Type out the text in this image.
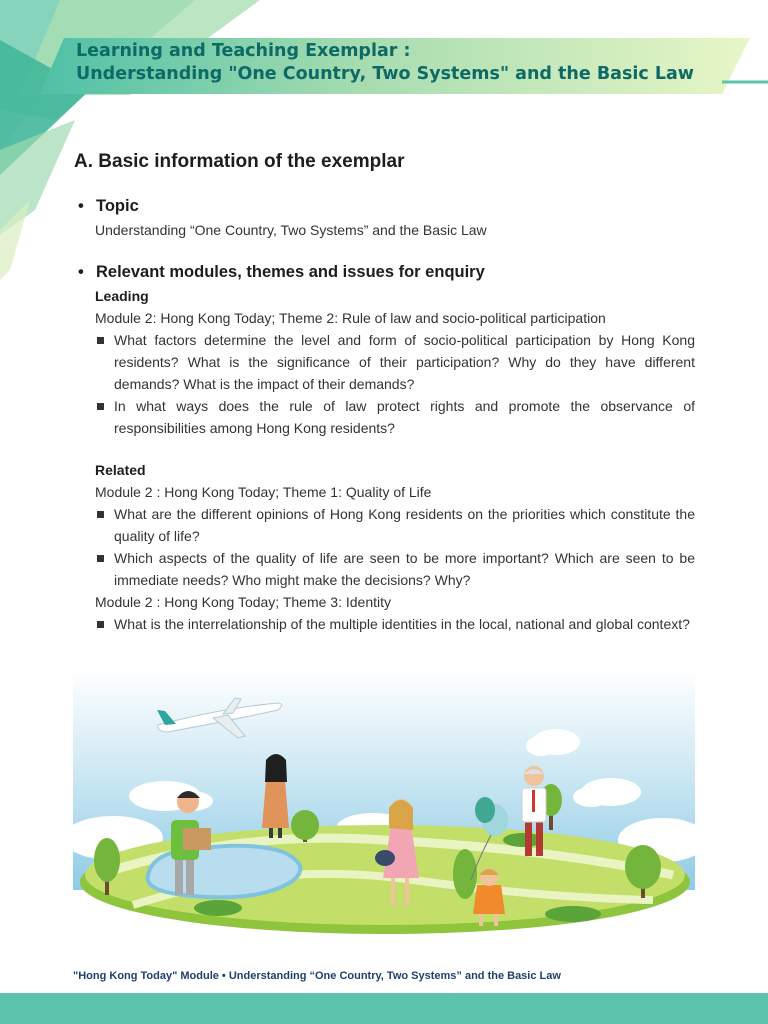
Learning and Teaching Exemplar :
Understanding "One Country, Two Systems" and the Basic Law
A. Basic information of the exemplar
• Topic

Understanding “One Country, Two Systems” and the Basic Law

• Relevant modules, themes and issues for enquiry

Leading

Module 2: Hong Kong Today; Theme 2: Rule of law and socio-political participation

What factors determine the level and form of socio-political participation by Hong Kong residents? What is the significance of their participation? Why do they have different demands? What is the impact of their demands?
In what ways does the rule of law protect rights and promote the observance of responsibilities among Hong Kong residents?

Related

Module 2 : Hong Kong Today; Theme 1: Quality of Life

What are the different opinions of Hong Kong residents on the priorities which constitute the quality of life?
Which aspects of the quality of life are seen to be more important? Which are seen to be immediate needs? Who might make the decisions? Why?

Module 2 : Hong Kong Today; Theme 3: Identity

What is the interrelationship of the multiple identities in the local, national and global context?

"Hong Kong Today" Module • Understanding “One Country, Two Systems” and the Basic Law
